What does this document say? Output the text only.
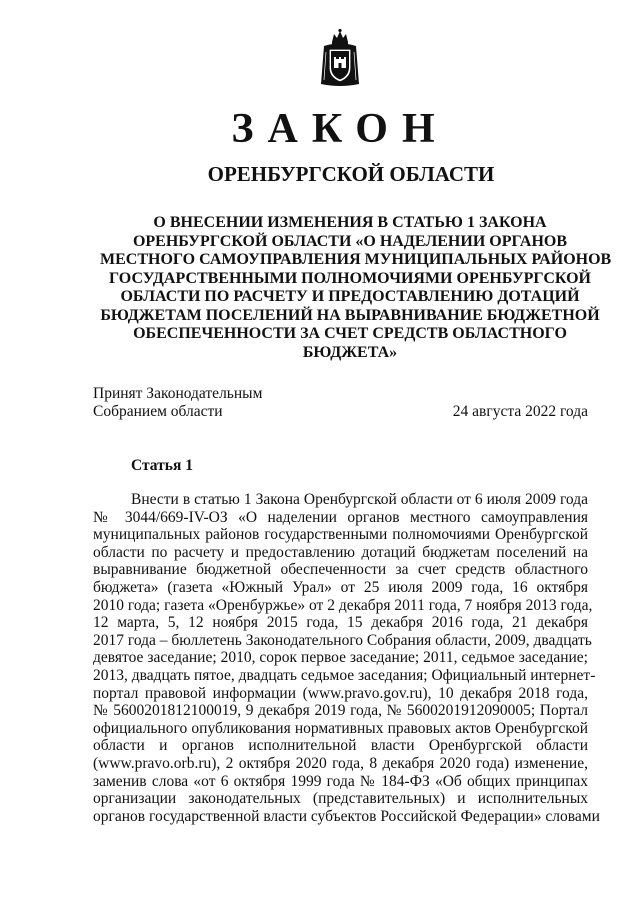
ЗАКОН
ОРЕНБУРГСКОЙ ОБЛАСТИ
О ВНЕСЕНИИ ИЗМЕНЕНИЯ В СТАТЬЮ 1 ЗАКОНА
ОРЕНБУРГСКОЙ ОБЛАСТИ «О НАДЕЛЕНИИ ОРГАНОВ
МЕСТНОГО САМОУПРАВЛЕНИЯ МУНИЦИПАЛЬНЫХ РАЙОНОВ
ГОСУДАРСТВЕННЫМИ ПОЛНОМОЧИЯМИ ОРЕНБУРГСКОЙ
ОБЛАСТИ ПО РАСЧЕТУ И ПРЕДОСТАВЛЕНИЮ ДОТАЦИЙ
БЮДЖЕТАМ ПОСЕЛЕНИЙ НА ВЫРАВНИВАНИЕ БЮДЖЕТНОЙ
ОБЕСПЕЧЕННОСТИ ЗА СЧЕТ СРЕДСТВ ОБЛАСТНОГО
БЮДЖЕТА»
Принят Законодательным
Собранием области	24 августа 2022 года
Статья 1
Внести в статью 1 Закона Оренбургской области от 6 июля 2009 года
№ 3044/669-IV-ОЗ «О наделении органов местного самоуправления
муниципальных районов государственными полномочиями Оренбургской
области по расчету и предоставлению дотаций бюджетам поселений на
выравнивание бюджетной обеспеченности за счет средств областного
бюджета» (газета «Южный Урал» от 25 июля 2009 года, 16 октября
2010 года; газета «Оренбуржье» от 2 декабря 2011 года, 7 ноября 2013 года,
12 марта, 5, 12 ноября 2015 года, 15 декабря 2016 года, 21 декабря
2017 года – бюллетень Законодательного Собрания области, 2009, двадцать
девятое заседание; 2010, сорок первое заседание; 2011, седьмое заседание;
2013, двадцать пятое, двадцать седьмое заседания; Официальный интернет-
портал правовой информации (www.pravo.gov.ru), 10 декабря 2018 года,
№ 5600201812100019, 9 декабря 2019 года, № 5600201912090005; Портал
официального опубликования нормативных правовых актов Оренбургской
области и органов исполнительной власти Оренбургской области
(www.pravo.orb.ru), 2 октября 2020 года, 8 декабря 2020 года) изменение,
заменив слова «от 6 октября 1999 года № 184-ФЗ «Об общих принципах
организации законодательных (представительных) и исполнительных
органов государственной власти субъектов Российской Федерации» словами
